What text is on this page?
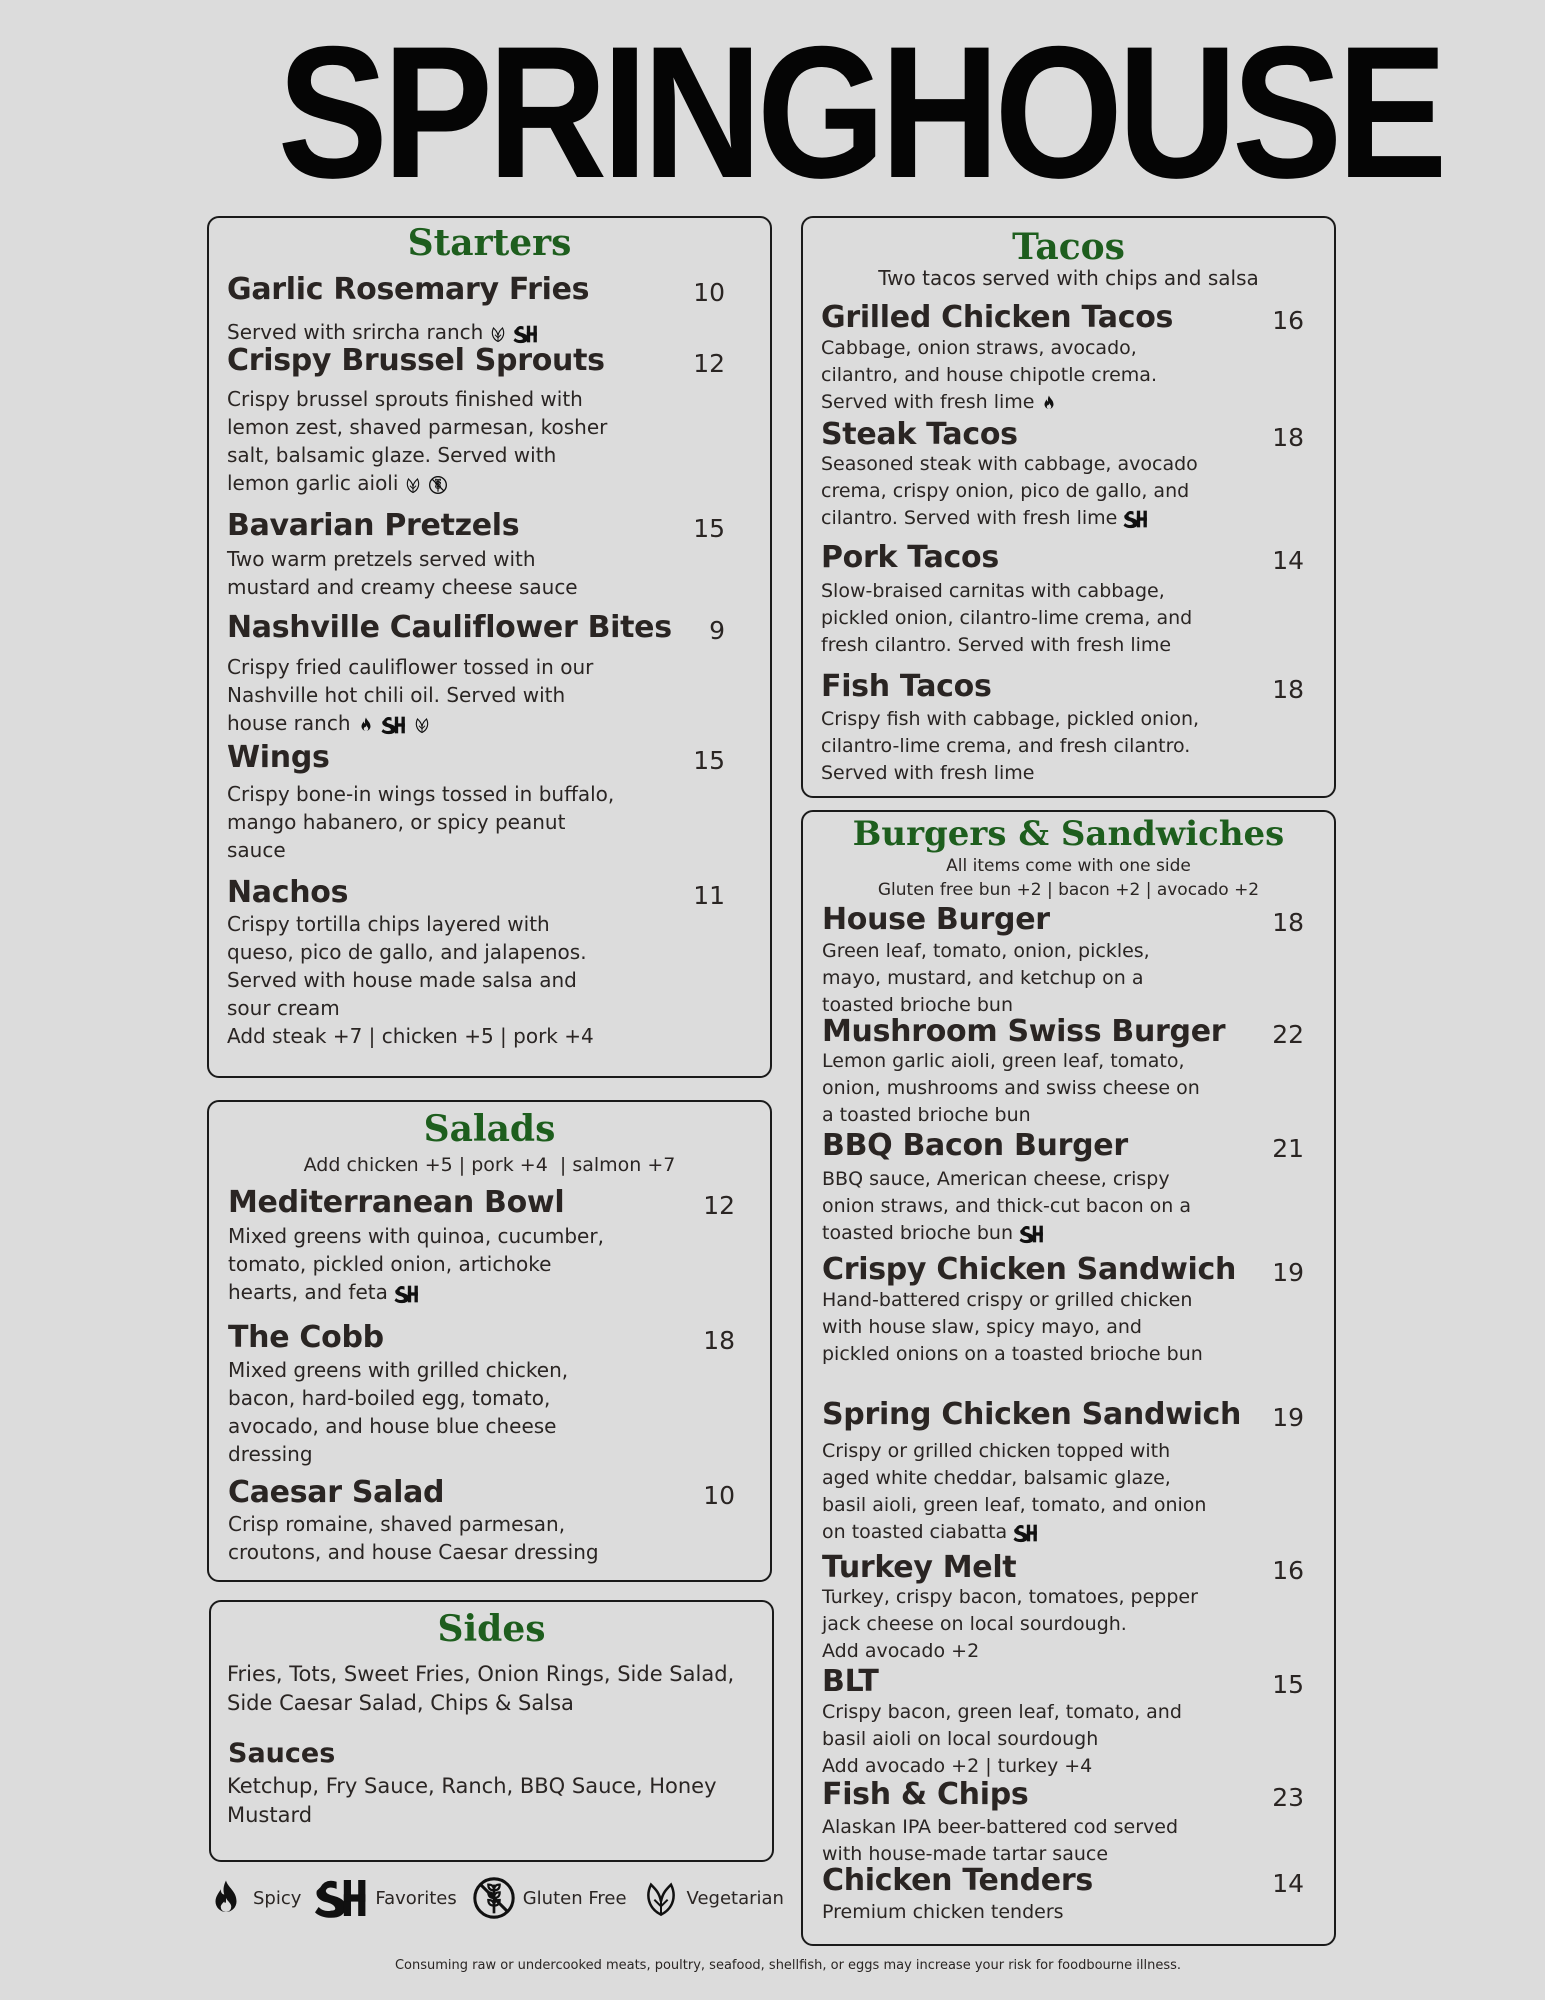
SPRINGHOUSE
Starters
Salads
Add chicken +5 | pork +4  | salmon +7
Sides
Fries, Tots, Sweet Fries, Onion Rings, Side Salad, Side Caesar Salad, Chips & Salsa
Sauces
Ketchup, Fry Sauce, Ranch, BBQ Sauce, Honey Mustard
Tacos
Two tacos served with chips and salsa
Burgers & Sandwiches
All items come with one side
Gluten free bun +2 | bacon +2 | avocado +2
Garlic Rosemary Fries	10
Served with srircha ranch
Crispy Brussel Sprouts	12
Crispy brussel sprouts finished with lemon zest, shaved parmesan, kosher salt, balsamic glaze. Served with lemon garlic aioli
Bavarian Pretzels	15
Two warm pretzels served with mustard and creamy cheese sauce
Nashville Cauliflower Bites	9
Crispy fried cauliflower tossed in our Nashville hot chili oil. Served with house ranch
Wings	15
Crispy bone-in wings tossed in buffalo, mango habanero, or spicy peanut sauce
Nachos	11
Crispy tortilla chips layered with queso, pico de gallo, and jalapenos. Served with house made salsa and sour cream
Add steak +7 | chicken +5 | pork +4
Mediterranean Bowl	12
Mixed greens with quinoa, cucumber, tomato, pickled onion, artichoke hearts, and feta
The Cobb	18
Mixed greens with grilled chicken, bacon, hard-boiled egg, tomato, avocado, and house blue cheese dressing
Caesar Salad	10
Crisp romaine, shaved parmesan, croutons, and house Caesar dressing
Grilled Chicken Tacos	16
Cabbage, onion straws, avocado, cilantro, and house chipotle crema. Served with fresh lime
Steak Tacos	18
Seasoned steak with cabbage, avocado crema, crispy onion, pico de gallo, and cilantro. Served with fresh lime
Pork Tacos	14
Slow-braised carnitas with cabbage, pickled onion, cilantro-lime crema, and fresh cilantro. Served with fresh lime
Fish Tacos	18
Crispy fish with cabbage, pickled onion, cilantro-lime crema, and fresh cilantro. Served with fresh lime
House Burger	18
Green leaf, tomato, onion, pickles, mayo, mustard, and ketchup on a toasted brioche bun
Mushroom Swiss Burger	22
Lemon garlic aioli, green leaf, tomato, onion, mushrooms and swiss cheese on a toasted brioche bun
BBQ Bacon Burger	21
BBQ sauce, American cheese, crispy onion straws, and thick-cut bacon on a toasted brioche bun
Crispy Chicken Sandwich	19
Hand-battered crispy or grilled chicken with house slaw, spicy mayo, and pickled onions on a toasted brioche bun
Spring Chicken Sandwich	19
Crispy or grilled chicken topped with aged white cheddar, balsamic glaze, basil aioli, green leaf, tomato, and onion on toasted ciabatta
Turkey Melt	16
Turkey, crispy bacon, tomatoes, pepper jack cheese on local sourdough.
Add avocado +2
BLT	15
Crispy bacon, green leaf, tomato, and basil aioli on local sourdough
Add avocado +2 | turkey +4
Fish & Chips	23
Alaskan IPA beer-battered cod served with house-made tartar sauce
Chicken Tenders	14
Premium chicken tenders
Spicy	Favorites	Gluten Free	Vegetarian
Consuming raw or undercooked meats, poultry, seafood, shellfish, or eggs may increase your risk for foodbourne illness.
